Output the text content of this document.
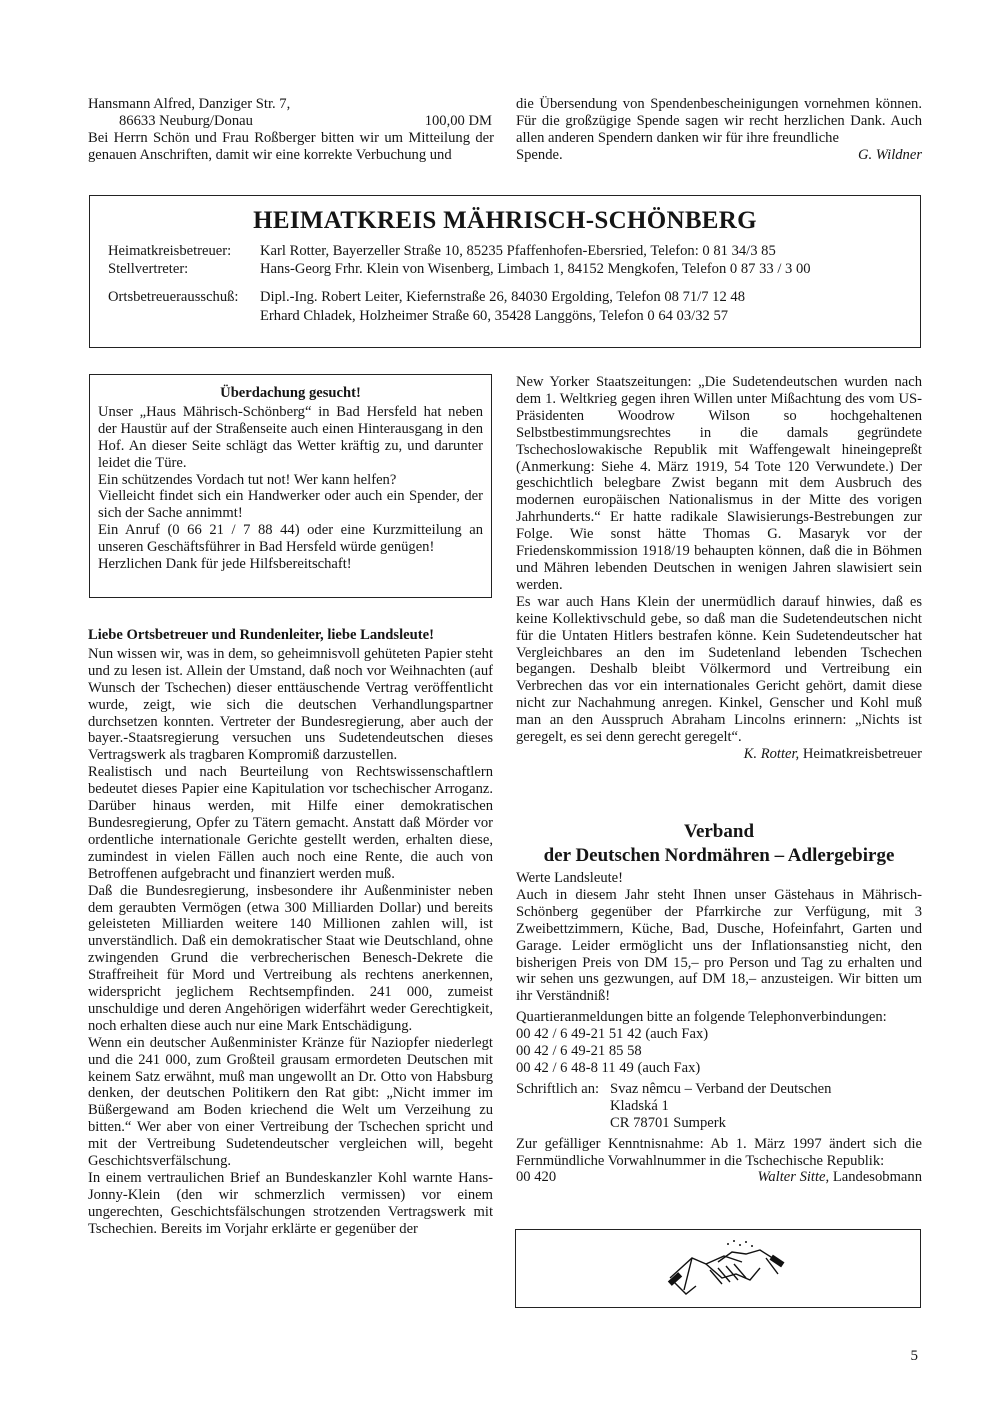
Hansmann Alfred, Danziger Str. 7,

86633 Neuburg/Donau	100,00 DM

Bei Herrn Schön und Frau Roßberger bitten wir um Mitteilung der genauen Anschriften, damit wir eine korrekte Verbuchung und

die Übersendung von Spendenbescheinigungen vornehmen können. Für die großzügige Spende sagen wir recht herzlichen Dank. Auch allen anderen Spendern danken wir für ihre freundliche

Spende.	G. Wildner
HEIMATKREIS MÄHRISCH-SCHÖNBERG
Heimatkreisbetreuer:	Karl Rotter, Bayerzeller Straße 10, 85235 Pfaffenhofen-Ebersried, Telefon: 0 81 34/3 85
Stellvertreter:	Hans-Georg Frhr. Klein von Wisenberg, Limbach 1, 84152 Mengkofen, Telefon 0 87 33 / 3 00
Ortsbetreuerausschuß:	Dipl.-Ing. Robert Leiter, Kiefernstraße 26, 84030 Ergolding, Telefon 08 71/7 12 48
Erhard Chladek, Holzheimer Straße 60, 35428 Langgöns, Telefon 0 64 03/32 57

Überdachung gesucht!

Unser „Haus Mährisch-Schönberg“ in Bad Hersfeld hat neben der Haustür auf der Straßenseite auch einen Hinterausgang in den Hof. An dieser Seite schlägt das Wetter kräftig zu, und darunter leidet die Türe.

Ein schützendes Vordach tut not! Wer kann helfen?

Vielleicht findet sich ein Handwerker oder auch ein Spender, der sich der Sache annimmt!

Ein Anruf (0 66 21 / 7 88 44) oder eine Kurzmitteilung an unseren Geschäftsführer in Bad Hersfeld würde genügen!

Herzlichen Dank für jede Hilfsbereitschaft!

Liebe Ortsbetreuer und Rundenleiter, liebe Landsleute!

Nun wissen wir, was in dem, so geheimnisvoll gehüteten Papier steht und zu lesen ist. Allein der Umstand, daß noch vor Weihnachten (auf Wunsch der Tschechen) dieser enttäuschende Vertrag veröffentlicht wurde, zeigt, wie sich die deutschen Verhandlungspartner durchsetzen konnten. Vertreter der Bundesregierung, aber auch der bayer.-Staatsregierung versuchen uns Sudetendeutschen dieses Vertragswerk als tragbaren Kompromiß darzustellen.

Realistisch und nach Beurteilung von Rechtswissenschaftlern bedeutet dieses Papier eine Kapitulation vor tschechischer Arroganz. Darüber hinaus werden, mit Hilfe einer demokratischen Bundesregierung, Opfer zu Tätern gemacht. Anstatt daß Mörder vor ordentliche internationale Gerichte gestellt werden, erhalten diese, zumindest in vielen Fällen auch noch eine Rente, die auch von Betroffenen aufgebracht und finanziert werden muß.

Daß die Bundesregierung, insbesondere ihr Außenminister neben dem geraubten Vermögen (etwa 300 Milliarden Dollar) und bereits geleisteten Milliarden weitere 140 Millionen zahlen will, ist unverständlich. Daß ein demokratischer Staat wie Deutschland, ohne zwingenden Grund die verbrecherischen Benesch-Dekrete die Straffreiheit für Mord und Vertreibung als rechtens anerkennen, widerspricht jeglichem Rechtsempfinden. 241 000, zumeist unschuldige und deren Angehörigen widerfährt weder Gerechtigkeit, noch erhalten diese auch nur eine Mark Entschädigung.

Wenn ein deutscher Außenminister Kränze für Naziopfer niederlegt und die 241 000, zum Großteil grausam ermordeten Deutschen mit keinem Satz erwähnt, muß man ungewollt an Dr. Otto von Habsburg denken, der deutschen Politikern den Rat gibt: „Nicht immer im Büßergewand am Boden kriechend die Welt um Verzeihung zu bitten.“ Wer aber von einer Vertreibung der Tschechen spricht und mit der Vertreibung Sudetendeutscher vergleichen will, begeht Geschichtsverfälschung.

In einem vertraulichen Brief an Bundeskanzler Kohl warnte Hans-Jonny-Klein (den wir schmerzlich vermissen) vor einem ungerechten, Geschichtsfälschungen strotzenden Vertragswerk mit Tschechien. Bereits im Vorjahr erklärte er gegenüber der

New Yorker Staatszeitungen: „Die Sudetendeutschen wurden nach dem 1. Weltkrieg gegen ihren Willen unter Mißachtung des vom US-Präsidenten Woodrow Wilson so hochgehaltenen Selbstbestimmungsrechtes in die damals gegründete Tschechoslowakische Republik mit Waffengewalt hineingepreßt (Anmerkung: Siehe 4. März 1919, 54 Tote 120 Verwundete.) Der geschichtlich belegbare Zwist begann mit dem Ausbruch des modernen europäischen Nationalismus in der Mitte des vorigen Jahrhunderts.“ Er hatte radikale Slawisierungs-Bestrebungen zur Folge. Wie sonst hätte Thomas G. Masaryk vor der Friedenskommission 1918/19 behaupten können, daß die in Böhmen und Mähren lebenden Deutschen in wenigen Jahren slawisiert sein werden.

Es war auch Hans Klein der unermüdlich darauf hinwies, daß es keine Kollektivschuld gebe, so daß man die Sudetendeutschen nicht für die Untaten Hitlers bestrafen könne. Kein Sudetendeutscher hat Vergleichbares an den im Sudetenland lebenden Tschechen begangen. Deshalb bleibt Völkermord und Vertreibung ein Verbrechen das vor ein internationales Gericht gehört, damit diese nicht zur Nachahmung anregen. Kinkel, Genscher und Kohl muß man an den Ausspruch Abraham Lincolns erinnern: „Nichts ist geregelt, es sei denn gerecht geregelt“.

K. Rotter, Heimatkreisbetreuer

Verband

der Deutschen Nordmähren – Adlergebirge

Werte Landsleute!

Auch in diesem Jahr steht Ihnen unser Gästehaus in Mährisch-Schönberg gegenüber der Pfarrkirche zur Verfügung, mit 3 Zweibettzimmern, Küche, Bad, Dusche, Hofeinfahrt, Garten und Garage. Leider ermöglicht uns der Inflationsanstieg nicht, den bisherigen Preis von DM 15,– pro Person und Tag zu erhalten und wir sehen uns gezwungen, auf DM 18,– anzusteigen. Wir bitten um ihr Verständniß!

Quartieranmeldungen bitte an folgende Telephonverbindungen:

00 42 / 6 49-21 51 42 (auch Fax)

00 42 / 6 49-21 85 58

00 42 / 6 48-8 11 49 (auch Fax)

Schriftlich an: Svaz nêmcu – Verband der Deutschen

Kladská 1

CR 78701 Sumperk

Zur gefälliger Kenntnisnahme: Ab 1. März 1997 ändert sich die Fernmündliche Vorwahlnummer in die Tschechische Republik:

00 420	Walter Sitte, Landesobmann
5
